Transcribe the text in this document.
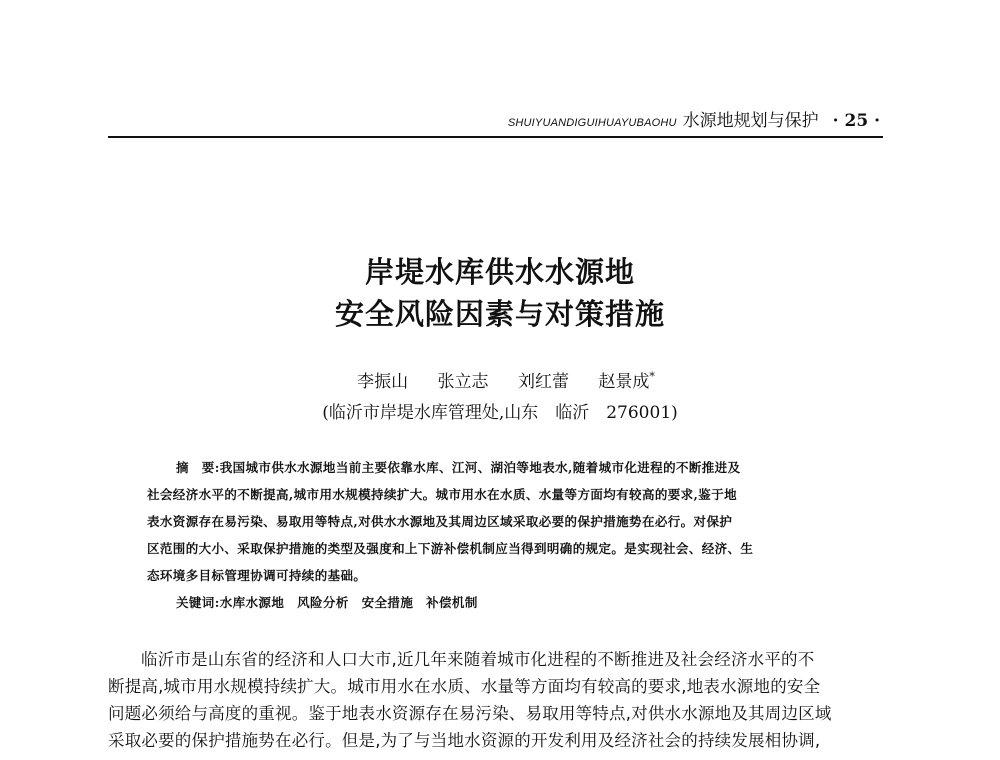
SHUIYUANDIGUIHUAYUBAOHU 水源地规划与保护 · 25 ·
岸堤水库供水水源地
安全风险因素与对策措施
李振山 张立志 刘红蕾 赵景成*
(临沂市岸堤水库管理处,山东　临沂　276001)
摘　要:我国城市供水水源地当前主要依靠水库、江河、湖泊等地表水,随着城市化进程的不断推进及
社会经济水平的不断提高,城市用水规模持续扩大。城市用水在水质、水量等方面均有较高的要求,鉴于地
表水资源存在易污染、易取用等特点,对供水水源地及其周边区域采取必要的保护措施势在必行。对保护
区范围的大小、采取保护措施的类型及强度和上下游补偿机制应当得到明确的规定。是实现社会、经济、生
态环境多目标管理协调可持续的基础。
关键词:水库水源地　风险分析　安全措施　补偿机制
临沂市是山东省的经济和人口大市,近几年来随着城市化进程的不断推进及社会经济水平的不
断提高,城市用水规模持续扩大。城市用水在水质、水量等方面均有较高的要求,地表水源地的安全
问题必须给与高度的重视。鉴于地表水资源存在易污染、易取用等特点,对供水水源地及其周边区域
采取必要的保护措施势在必行。但是,为了与当地水资源的开发利用及经济社会的持续发展相协调,
